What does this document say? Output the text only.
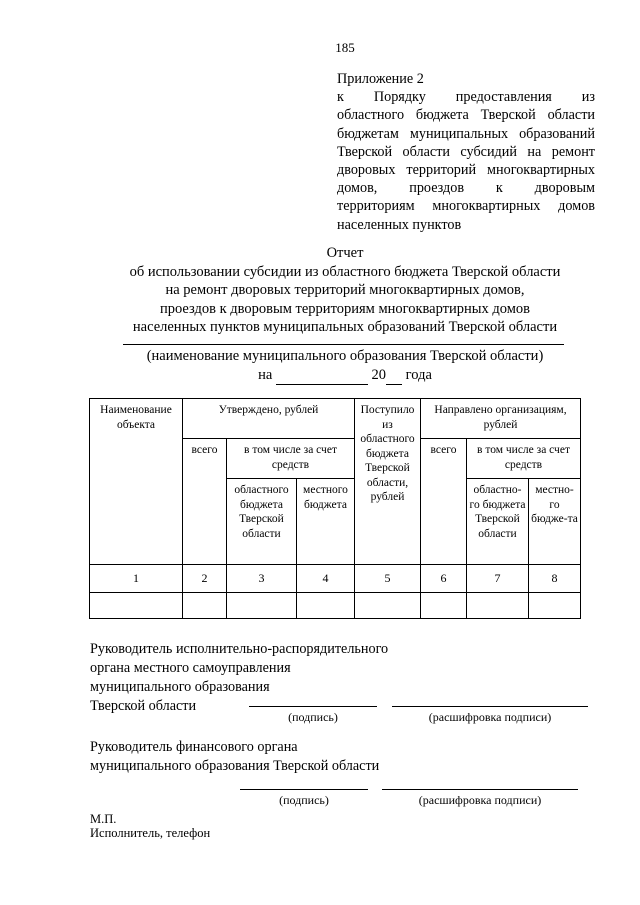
185
Приложение 2
к Порядку предоставления из
областного бюджета Тверской области
бюджетам муниципальных образований
Тверской области субсидий на ремонт
дворовых территорий многоквартирных
домов, проездов к дворовым
территориям многоквартирных домов
населенных пунктов
Отчет
об использовании субсидии из областного бюджета Тверской области
на ремонт дворовых территорий многоквартирных домов,
проездов к дворовым территориям многоквартирных домов
населенных пунктов муниципальных образований Тверской области
(наименование муниципального образования Тверской области)
на	20 года
Наименование объекта	Утверждено, рублей			Поступило из областного бюджета Тверской области, рублей	Направлено организациям, рублей		
	всего	в том числе за счет средств			всего	в том числе за счет средств	
		областного бюджета Тверской области	местного бюджета			областно-го бюджета Тверской области	местно-го бюдже-та
1	2	3	4	5	6	7	8

Руководитель исполнительно-распорядительного
органа местного самоуправления
муниципального образования
Тверской области
(подпись)	(расшифровка подписи)
Руководитель финансового органа
муниципального образования Тверской области
(подпись)	(расшифровка подписи)
М.П.
Исполнитель, телефон
